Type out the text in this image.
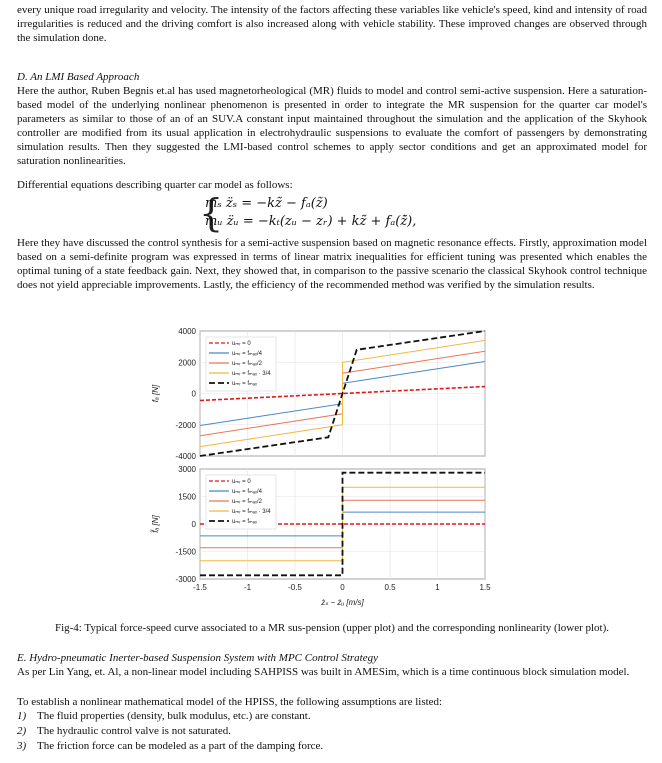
every unique road irregularity and velocity. The intensity of the factors affecting these variables like vehicle's speed, kind and intensity of road irregularities is reduced and the driving comfort is also increased along with vehicle stability. These improved changes are observed through the simulation done.

D. An LMI Based Approach

Here the author, Ruben Begnis et.al has used magnetorheological (MR) fluids to model and control semi-active suspension. Here a saturation-based model of the underlying nonlinear phenomenon is presented in order to integrate the MR suspension for the quarter car model's parameters as similar to those of an of an SUV.A constant input maintained throughout the simulation and the application of the Skyhook controller are modified from its usual application in electrohydraulic suspensions to evaluate the comfort of passengers by demonstrating simulation results. Then they suggested the LMI-based control schemes to apply sector conditions and get an approximated model for saturation nonlinearities.

Differential equations describing quarter car model as follows:

{
mₛ z̈ₛ = −kz̃ − fₐ(z̃)
mᵤ z̈ᵤ = −kₜ(zᵤ − zᵣ) + kz̃ + fₐ(z̃̇),

Here they have discussed the control synthesis for a semi-active suspension based on magnetic resonance effects. Firstly, approximation model based on a semi-definite program was expressed in terms of linear matrix inequalities for efficient tuning was presented which enables the optimal tuning of a state feedback gain. Next, they showed that, in comparison to the passive scenario the classical Skyhook control technique does not yield appreciable improvements. Lastly, the efficiency of the recommended method was verified by the simulation results.

4000
2000
0
-2000
-4000
fₐ [N]
uₘᵣ = 0
uₘᵣ = fₘₐₓ/4
uₘᵣ = fₘₐₓ/2
uₘᵣ = fₘₐₓ · 3/4
uₘᵣ = fₘₐₓ
3000
1500
0
-1500
-3000
f̃ₐ [N]
uₘᵣ = 0
uₘᵣ = fₘₐₓ/4
uₘᵣ = fₘₐₓ/2
uₘᵣ = fₘₐₓ · 3/4
uₘᵣ = fₘₐₓ
-1.5	-1	-0.5	0	0.5	1	1.5
żₛ − żᵤ [m/s]

Fig-4: Typical force-speed curve associated to a MR sus-pension (upper plot) and the corresponding nonlinearity (lower plot).

E. Hydro-pneumatic Inerter-based Suspension System with MPC Control Strategy

As per Lin Yang, et. Al, a non-linear model including SAHPISS was built in AMESim, which is a time continuous block simulation model.

To establish a nonlinear mathematical model of the HPISS, the following assumptions are listed:

1) The fluid properties (density, bulk modulus, etc.) are constant.
2) The hydraulic control valve is not saturated.
3) The friction force can be modeled as a part of the damping force.
